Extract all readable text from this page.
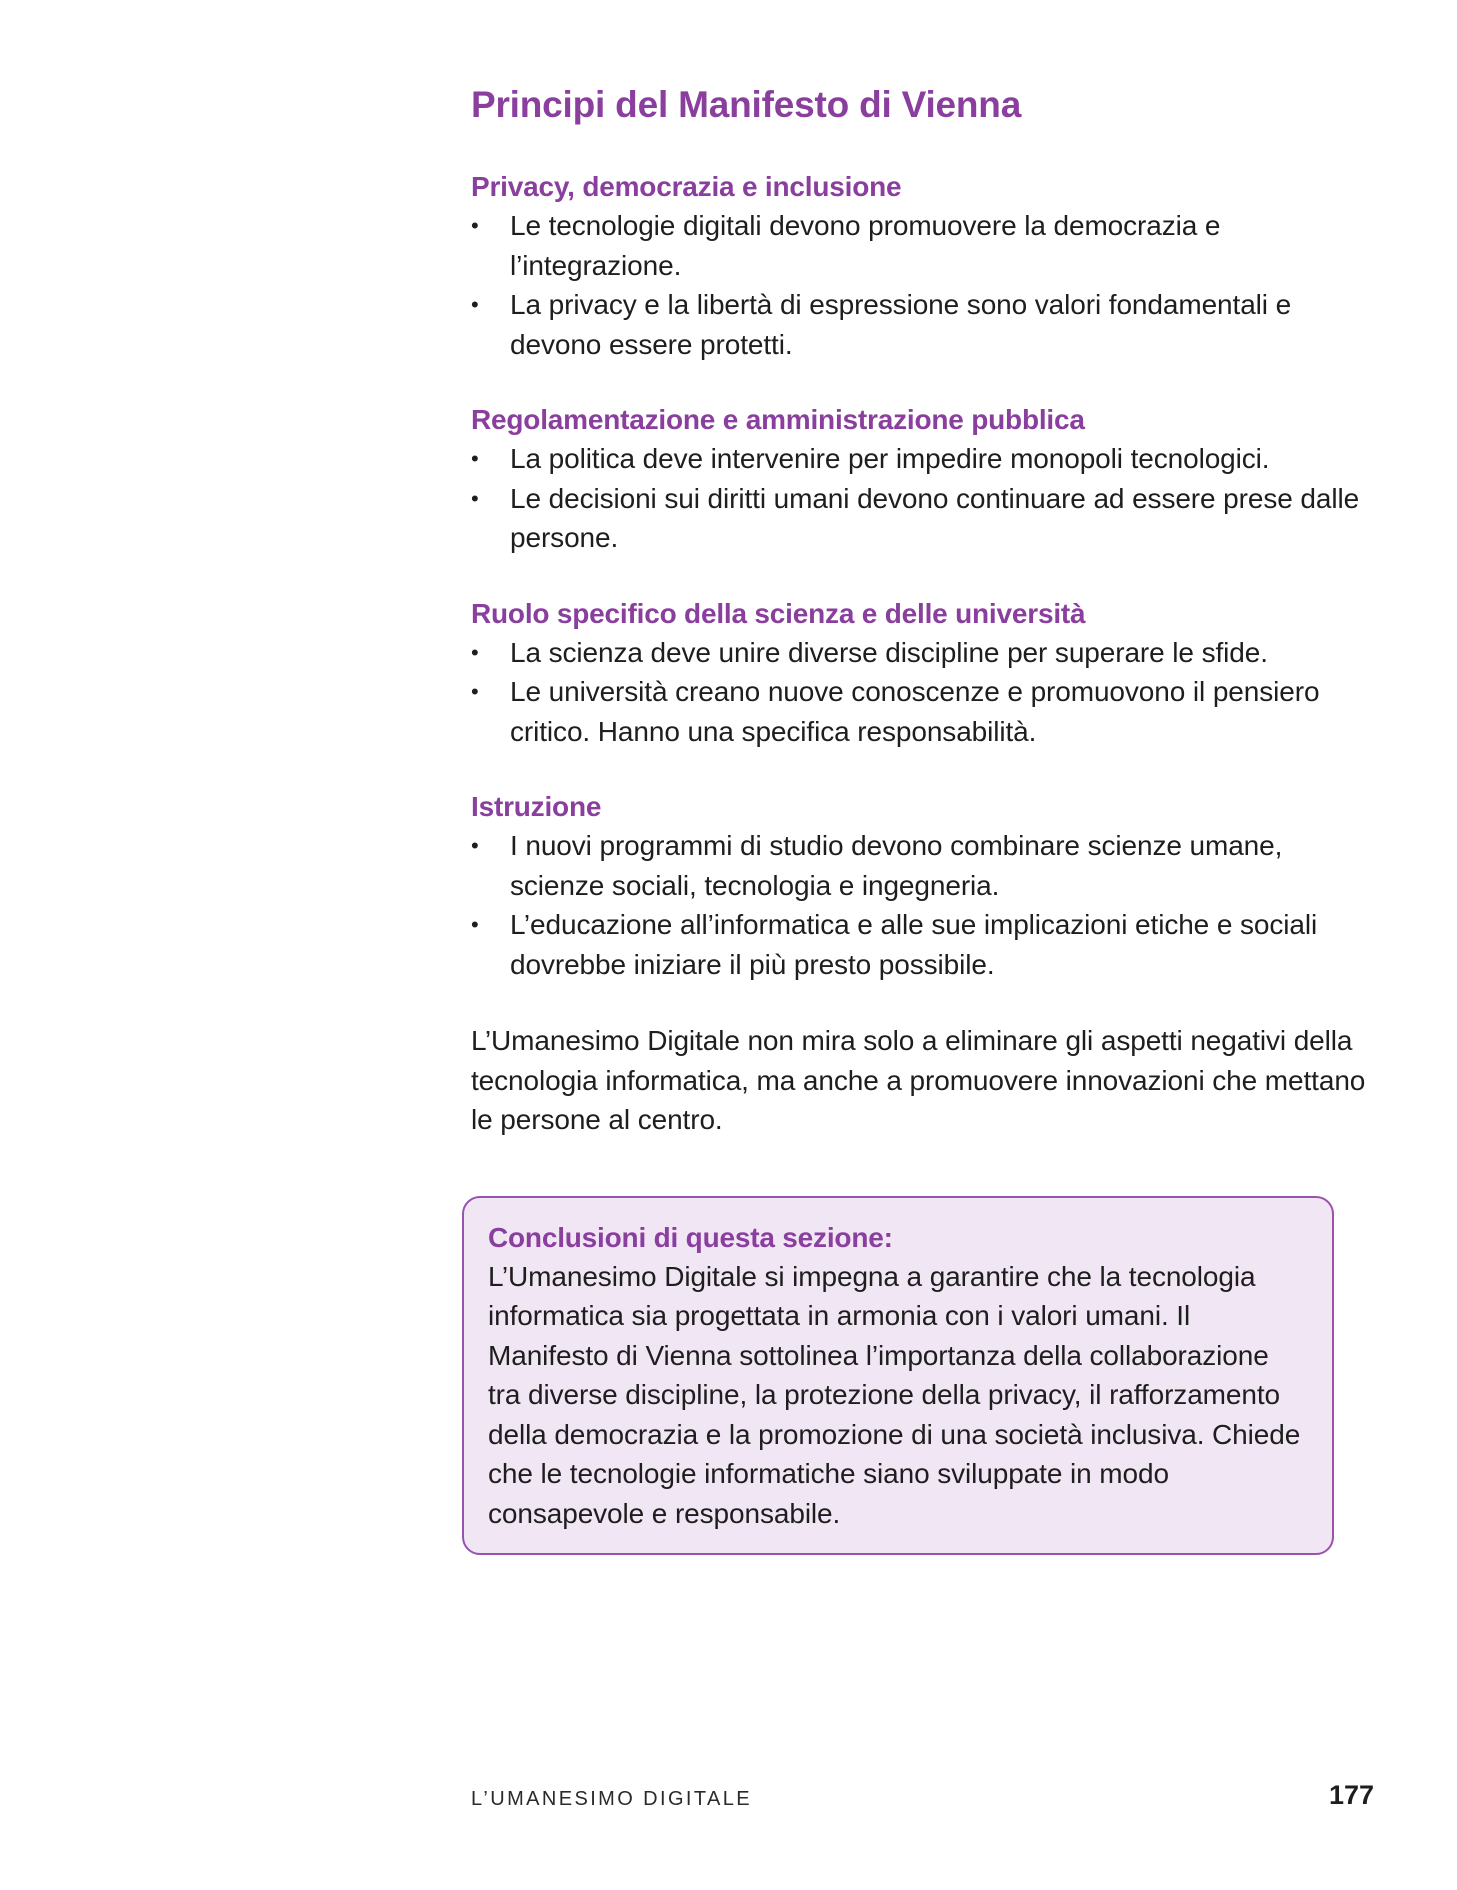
Principi del Manifesto di Vienna
Privacy, democrazia e inclusione
•	Le tecnologie digitali devono promuovere la democrazia e l’integrazione.
•	La privacy e la libertà di espressione sono valori fondamentali e devono essere protetti.
Regolamentazione e amministrazione pubblica
•	La politica deve intervenire per impedire monopoli tecnologici.
•	Le decisioni sui diritti umani devono continuare ad essere prese dalle persone.
Ruolo specifico della scienza e delle università
•	La scienza deve unire diverse discipline per superare le sfide.
•	Le università creano nuove conoscenze e promuovono il pensiero critico. Hanno una specifica responsabilità.
Istruzione
•	I nuovi programmi di studio devono combinare scienze umane, scienze sociali, tecnologia e ingegneria.
•	L’educazione all’informatica e alle sue implicazioni etiche e sociali dovrebbe iniziare il più presto possibile.

L’Umanesimo Digitale non mira solo a eliminare gli aspetti negativi della tecnologia informatica, ma anche a promuovere innovazioni che mettano le persone al centro.

Conclusioni di questa sezione:

L’Umanesimo Digitale si impegna a garantire che la tecnologia informatica sia progettata in armonia con i valori umani. Il Manifesto di Vienna sottolinea l’importanza della collaborazione tra diverse discipline, la protezione della privacy, il rafforzamento della democrazia e la promozione di una società inclusiva. Chiede che le tecnologie informatiche siano sviluppate in modo consapevole e responsabile.

L’UMANESIMO DIGITALE	177
